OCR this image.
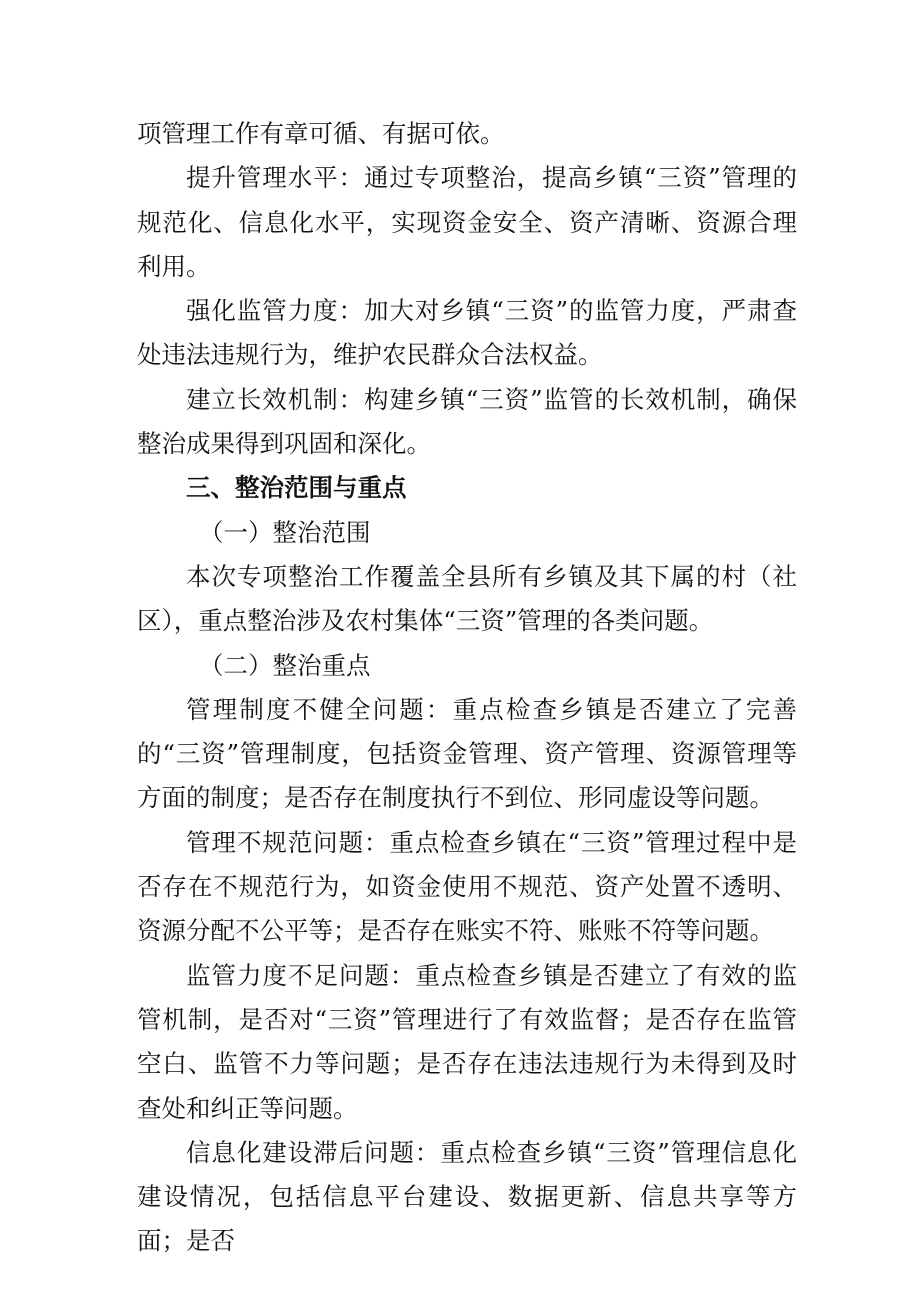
项管理工作有章可循、有据可依。

提升管理水平：通过专项整治，提高乡镇“三资”管理的规范化、信息化水平，实现资金安全、资产清晰、资源合理利用。

强化监管力度：加大对乡镇“三资”的监管力度，严肃查处违法违规行为，维护农民群众合法权益。

建立长效机制：构建乡镇“三资”监管的长效机制，确保整治成果得到巩固和深化。

三、整治范围与重点

（一）整治范围

本次专项整治工作覆盖全县所有乡镇及其下属的村（社区），重点整治涉及农村集体“三资”管理的各类问题。

（二）整治重点

管理制度不健全问题：重点检查乡镇是否建立了完善的“三资”管理制度，包括资金管理、资产管理、资源管理等方面的制度；是否存在制度执行不到位、形同虚设等问题。

管理不规范问题：重点检查乡镇在“三资”管理过程中是否存在不规范行为，如资金使用不规范、资产处置不透明、资源分配不公平等；是否存在账实不符、账账不符等问题。

监管力度不足问题：重点检查乡镇是否建立了有效的监管机制，是否对“三资”管理进行了有效监督；是否存在监管空白、监管不力等问题；是否存在违法违规行为未得到及时查处和纠正等问题。

信息化建设滞后问题：重点检查乡镇“三资”管理信息化建设情况，包括信息平台建设、数据更新、信息共享等方面；是否
